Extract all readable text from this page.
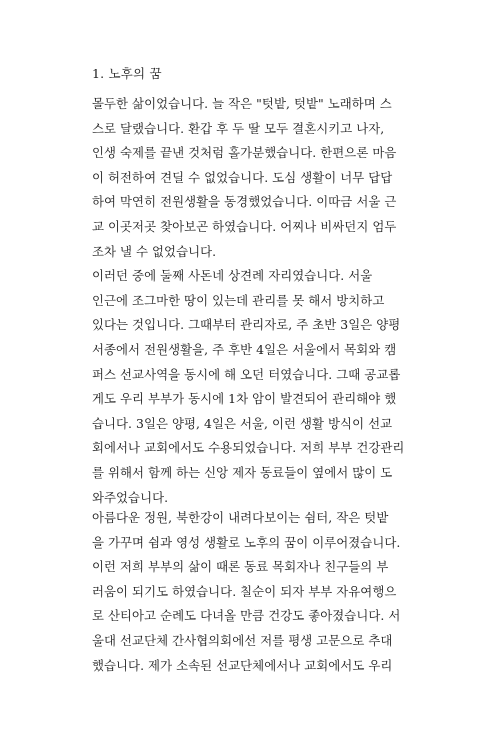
1. 노후의 꿈
몰두한 삶이었습니다. 늘 작은 "텃밭, 텃밭" 노래하며 스
스로 달랬습니다. 환갑 후 두 딸 모두 결혼시키고 나자,
인생 숙제를 끝낸 것처럼 홀가분했습니다. 한편으론 마음
이 허전하여 견딜 수 없었습니다. 도심 생활이 너무 답답
하여 막연히 전원생활을 동경했었습니다. 이따금 서울 근
교 이곳저곳 찾아보곤 하였습니다. 어찌나 비싸던지 엄두
조차 낼 수 없었습니다.
이러던 중에 둘째 사돈네 상견례 자리였습니다. 서울
인근에 조그마한 땅이 있는데 관리를 못 해서 방치하고
있다는 것입니다. 그때부터 관리자로, 주 초반 3일은 양평
서종에서 전원생활을, 주 후반 4일은 서울에서 목회와 캠
퍼스 선교사역을 동시에 해 오던 터였습니다. 그때 공교롭
게도 우리 부부가 동시에 1차 암이 발견되어 관리해야 했
습니다. 3일은 양평, 4일은 서울, 이런 생활 방식이 선교
회에서나 교회에서도 수용되었습니다. 저희 부부 건강관리
를 위해서 함께 하는 신앙 제자 동료들이 옆에서 많이 도
와주었습니다.
아름다운 정원, 북한강이 내려다보이는 쉼터, 작은 텃밭
을 가꾸며 쉼과 영성 생활로 노후의 꿈이 이루어졌습니다.
이런 저희 부부의 삶이 때론 동료 목회자나 친구들의 부
러움이 되기도 하였습니다. 칠순이 되자 부부 자유여행으
로 산티아고 순례도 다녀올 만큼 건강도 좋아졌습니다. 서
울대 선교단체 간사협의회에선 저를 평생 고문으로 추대
했습니다. 제가 소속된 선교단체에서나 교회에서도 우리
